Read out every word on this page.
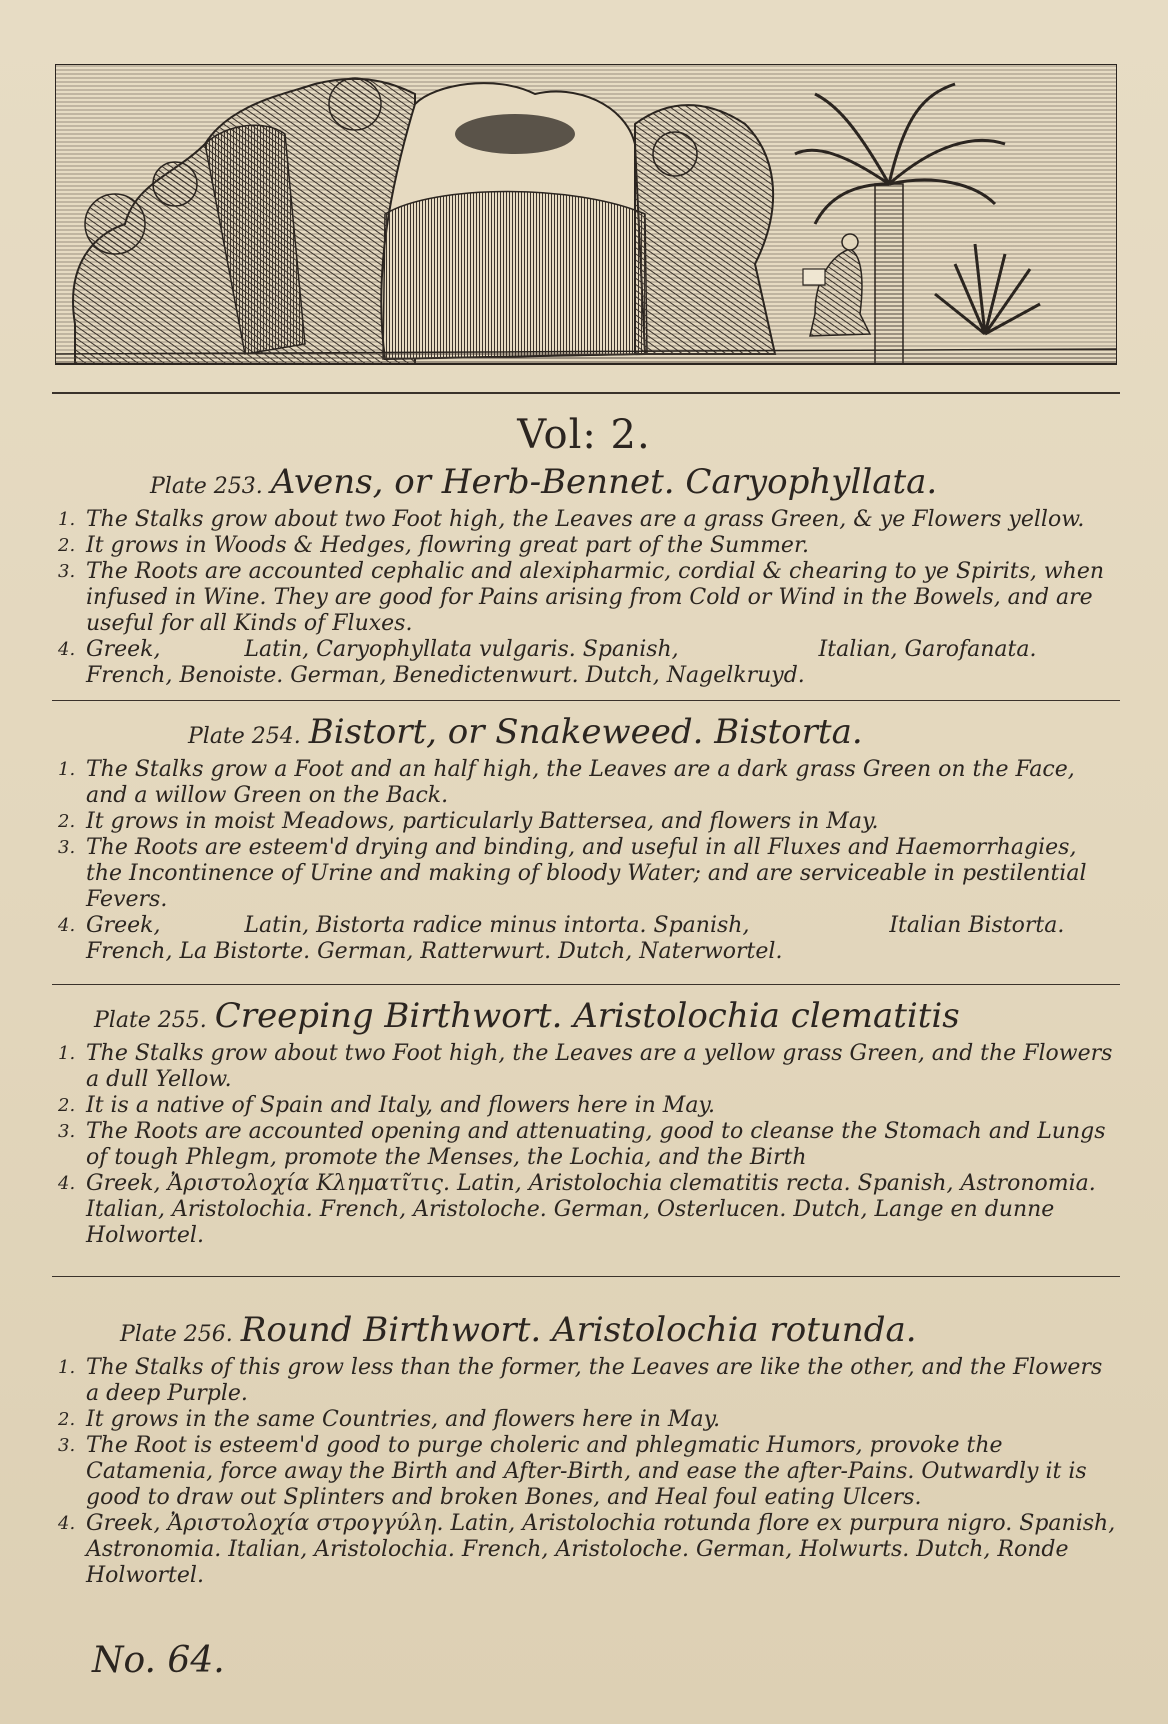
Vol: 2.
Plate 253. Avens, or Herb-Bennet. Caryophyllata.
1. The Stalks grow about two Foot high, the Leaves are a grass Green, & ye Flowers yellow.
2. It grows in Woods & Hedges, flowring great part of the Summer.
3. The Roots are accounted cephalic and alexipharmic, cordial & chearing to ye Spirits, when infused in Wine. They are good for Pains arising from Cold or Wind in the Bowels, and are useful for all Kinds of Fluxes.
4. Greek,            Latin, Caryophyllata vulgaris. Spanish,                    Italian, Garofanata. French, Benoiste. German, Benedictenwurt. Dutch, Nagelkruyd.
Plate 254. Bistort, or Snakeweed. Bistorta.
1. The Stalks grow a Foot and an half high, the Leaves are a dark grass Green on the Face, and a willow Green on the Back.
2. It grows in moist Meadows, particularly Battersea, and flowers in May.
3. The Roots are esteem'd drying and binding, and useful in all Fluxes and Haemorrhagies, the Incontinence of Urine and making of bloody Water; and are serviceable in pestilential Fevers.
4. Greek,            Latin, Bistorta radice minus intorta. Spanish,                    Italian Bistorta. French, La Bistorte. German, Ratterwurt. Dutch, Naterwortel.
Plate 255. Creeping Birthwort. Aristolochia clematitis
1. The Stalks grow about two Foot high, the Leaves are a yellow grass Green, and the Flowers a dull Yellow.
2. It is a native of Spain and Italy, and flowers here in May.
3. The Roots are accounted opening and attenuating, good to cleanse the Stomach and Lungs of tough Phlegm, promote the Menses, the Lochia, and the Birth
4. Greek, Ἀριστολοχία Κληματῖτις. Latin, Aristolochia clematitis recta. Spanish, Astronomia. Italian, Aristolochia. French, Aristoloche. German, Osterlucen. Dutch, Lange en dunne Holwortel.
Plate 256. Round Birthwort. Aristolochia rotunda.
1. The Stalks of this grow less than the former, the Leaves are like the other, and the Flowers a deep Purple.
2. It grows in the same Countries, and flowers here in May.
3. The Root is esteem'd good to purge choleric and phlegmatic Humors, provoke the Catamenia, force away the Birth and After-Birth, and ease the after-Pains. Outwardly it is good to draw out Splinters and broken Bones, and Heal foul eating Ulcers.
4. Greek, Ἀριστολοχία στρογγύλη. Latin, Aristolochia rotunda flore ex purpura nigro. Spanish, Astronomia. Italian, Aristolochia. French, Aristoloche. German, Holwurts. Dutch, Ronde Holwortel.
No. 64.
